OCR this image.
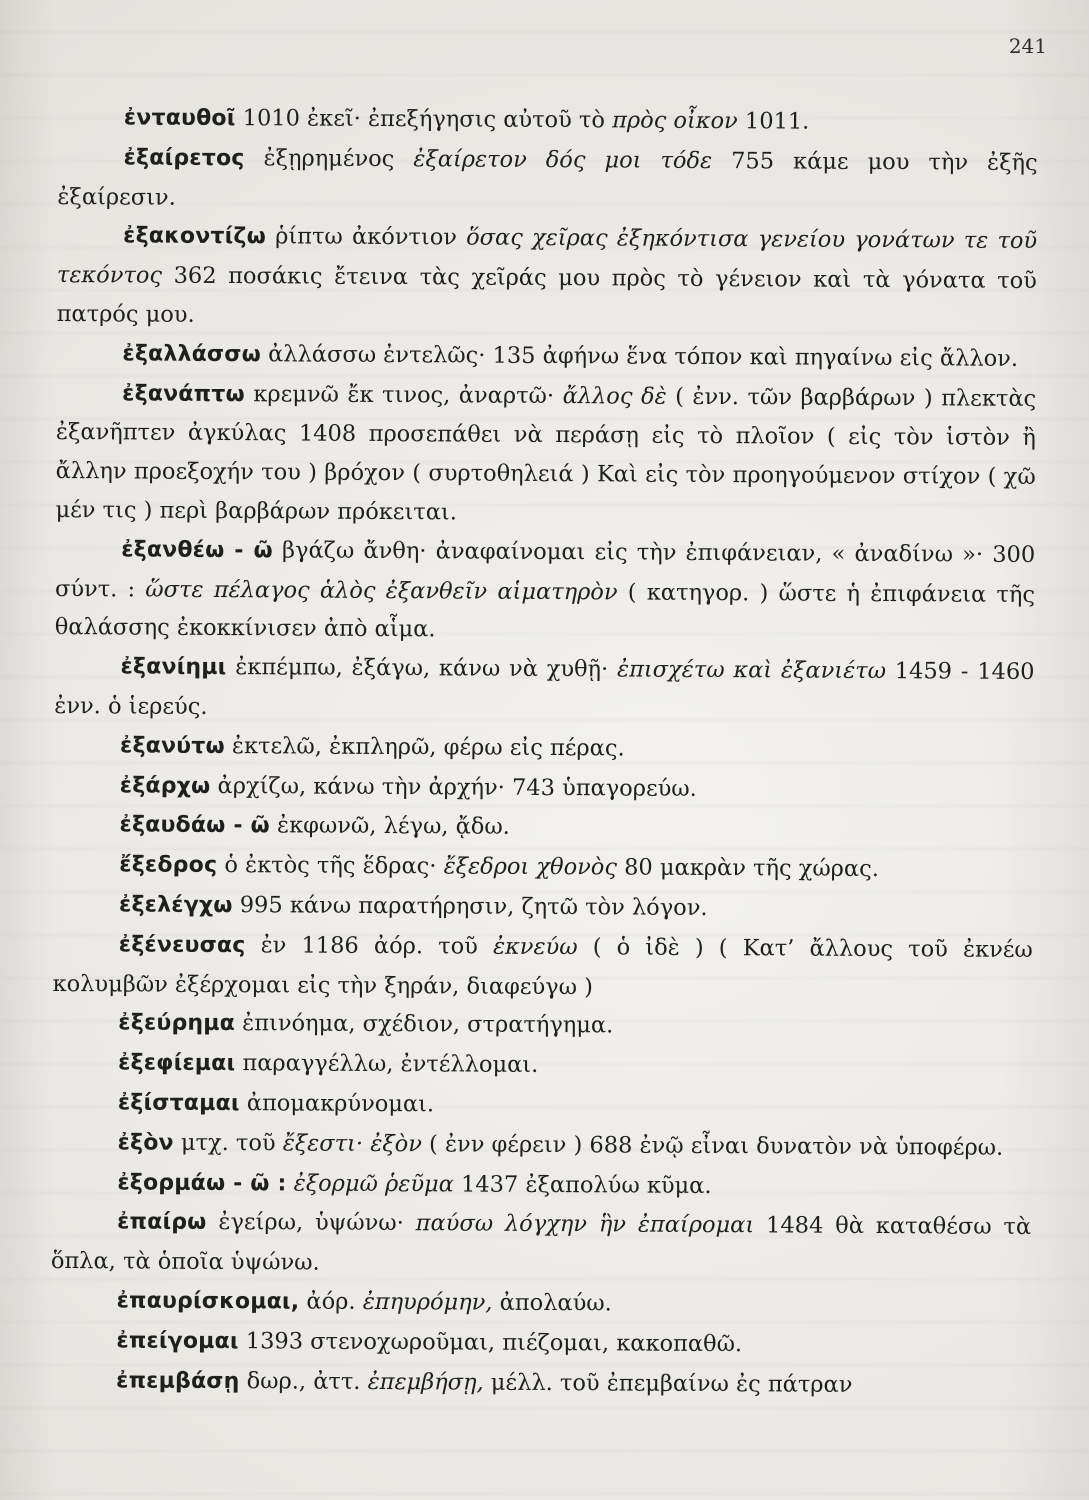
241

ἐνταυθοῖ 1010 ἐκεῖ· ἐπεξήγησις αὐτοῦ τὸ πρὸς οἶκον 1011.

ἐξαίρετος ἐξῃρημένος ἐξαίρετον δός μοι τόδε 755 κάμε μου τὴν ἐξῆς ἐξαίρεσιν.

ἐξακοντίζω ῥίπτω ἀκόντιον ὅσας χεῖρας ἐξηκόντισα γενείου γονάτων τε τοῦ τεκόντος 362 ποσάκις ἔτεινα τὰς χεῖράς μου πρὸς τὸ γένειον καὶ τὰ γόνατα τοῦ πατρός μου.

ἐξαλλάσσω ἀλλάσσω ἐντελῶς· 135 ἀφήνω ἕνα τόπον καὶ πηγαίνω εἰς ἄλλον.

ἐξανάπτω κρεμνῶ ἔκ τινος, ἀναρτῶ· ἄλλος δὲ ( ἐνν. τῶν βαρβάρων ) πλεκτὰς ἐξανῆπτεν ἀγκύλας 1408 προσεπάθει νὰ περάσῃ εἰς τὸ πλοῖον ( εἰς τὸν ἱστὸν ἢ ἄλλην προεξοχήν του ) βρόχον ( συρτοθηλειά ) Καὶ εἰς τὸν προηγούμενον στίχον ( χῶ μέν τις ) περὶ βαρβάρων πρόκειται.

ἐξανθέω - ῶ βγάζω ἄνθη· ἀναφαίνομαι εἰς τὴν ἐπιφάνειαν, « ἀναδίνω »· 300 σύντ. : ὥστε πέλαγος ἁλὸς ἐξανθεῖν αἱματηρὸν ( κατηγορ. ) ὥστε ἡ ἐπιφάνεια τῆς θαλάσσης ἐκοκκίνισεν ἀπὸ αἷμα.

ἐξανίημι ἐκπέμπω, ἐξάγω, κάνω νὰ χυθῇ· ἐπισχέτω καὶ ἐξανιέτω 1459 - 1460 ἐνν. ὁ ἱερεύς.

ἐξανύτω ἐκτελῶ, ἐκπληρῶ, φέρω εἰς πέρας.

ἐξάρχω ἀρχίζω, κάνω τὴν ἀρχήν· 743 ὑπαγορεύω.

ἐξαυδάω - ῶ ἐκφωνῶ, λέγω, ᾄδω.

ἔξεδρος ὁ ἐκτὸς τῆς ἕδρας· ἔξεδροι χθονὸς 80 μακρὰν τῆς χώρας.

ἐξελέγχω 995 κάνω παρατήρησιν, ζητῶ τὸν λόγον.

ἐξένευσας ἐν 1186 ἀόρ. τοῦ ἐκνεύω ( ὁ ἰδὲ ) ( Κατ’ ἄλλους τοῦ ἐκνέω κολυμβῶν ἐξέρχομαι εἰς τὴν ξηράν, διαφεύγω )

ἐξεύρημα ἐπινόημα, σχέδιον, στρατήγημα.

ἐξεφίεμαι παραγγέλλω, ἐντέλλομαι.

ἐξίσταμαι ἀπομακρύνομαι.

ἐξὸν μτχ. τοῦ ἔξεστι· ἐξὸν ( ἐνν φέρειν ) 688 ἐνῷ εἶναι δυνατὸν νὰ ὑποφέρω.

ἐξορμάω - ῶ : ἐξορμῶ ῥεῦμα 1437 ἐξαπολύω κῦμα.

ἐπαίρω ἐγείρω, ὑψώνω· παύσω λόγχην ἣν ἐπαίρομαι 1484 θὰ καταθέσω τὰ ὅπλα, τὰ ὁποῖα ὑψώνω.

ἐπαυρίσκομαι, ἀόρ. ἐπηυρόμην, ἀπολαύω.

ἐπείγομαι 1393 στενοχωροῦμαι, πιέζομαι, κακοπαθῶ.

ἐπεμβάσῃ δωρ., ἀττ. ἐπεμβήσῃ, μέλλ. τοῦ ἐπεμβαίνω ἐς πάτραν
